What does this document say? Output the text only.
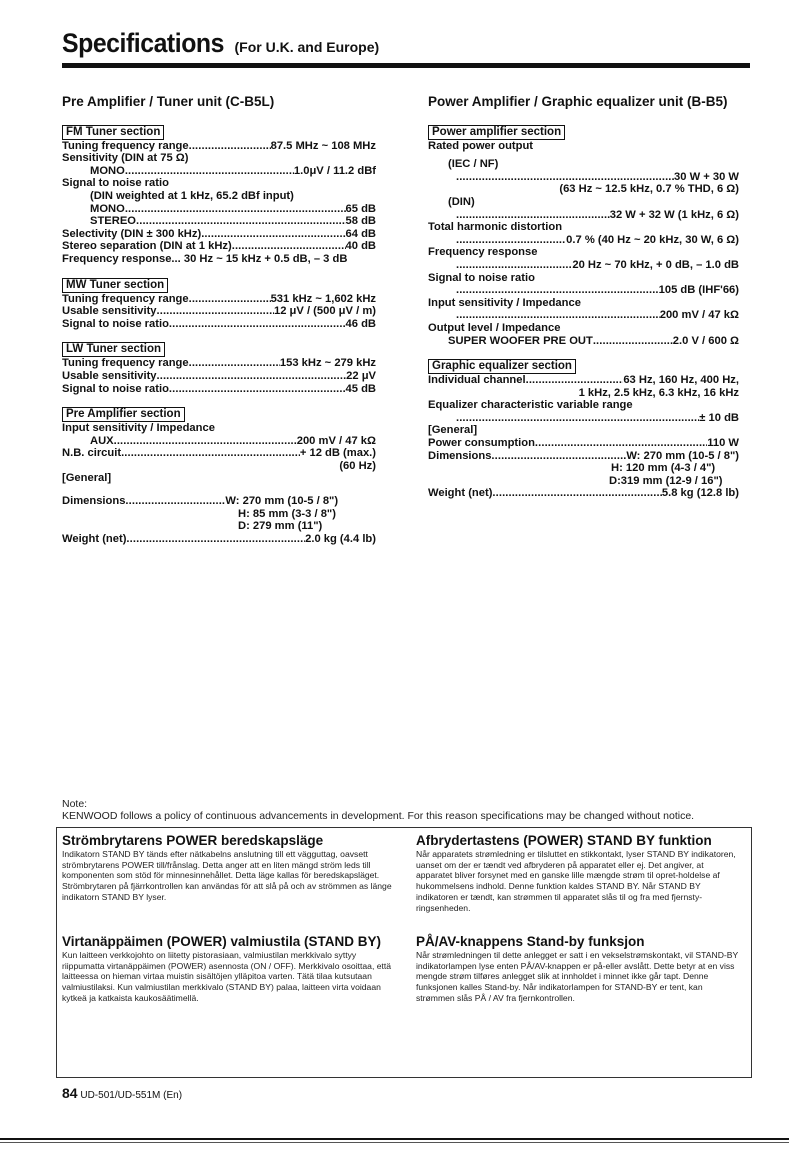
Specifications (For U.K. and Europe)
Pre Amplifier / Tuner unit (C-B5L)
FM Tuner section
Tuning frequency range . . .	87.5 MHz ~ 108 MHz
Sensitivity (DIN at 75 Ω)
MONO . . .	1.0μV / 11.2 dBf
Signal to noise ratio
(DIN weighted at 1 kHz, 65.2 dBf input)
MONO . . .	65 dB
STEREO . . .	58 dB
Selectivity (DIN ± 300 kHz) . . .	64 dB
Stereo separation (DIN at 1 kHz) . . .	40 dB
Frequency response... 30 Hz ~ 15 kHz + 0.5 dB, – 3 dB
MW Tuner section
Tuning frequency range . . .	531 kHz ~ 1,602 kHz
Usable sensitivity . . .	12 μV / (500 μV / m)
Signal to noise ratio . . .	46 dB
LW Tuner section
Tuning frequency range . . .	153 kHz ~ 279 kHz
Usable sensitivity . . .	22 μV
Signal to noise ratio . . .	45 dB
Pre Amplifier section
Input sensitivity / Impedance
AUX . . .	200 mV / 47 kΩ
N.B. circuit . . .	+ 12 dB (max.)
(60 Hz)
[General]
Dimensions . . .	W: 270 mm (10-5 / 8")
H: 85 mm (3-3 / 8")
D: 279 mm (11")
Weight (net) . . .	2.0 kg (4.4 lb)
Power Amplifier / Graphic equalizer unit (B-B5)
Power amplifier section
Rated power output
(IEC / NF)
. . .
30 W + 30 W
(63 Hz ~ 12.5 kHz, 0.7 % THD, 6 Ω)
(DIN)
. . .
32 W + 32 W (1 kHz, 6 Ω)
Total harmonic distortion
. . .
0.7 % (40 Hz ~ 20 kHz, 30 W, 6 Ω)
Frequency response
. . .
20 Hz ~ 70 kHz, + 0 dB, – 1.0 dB
Signal to noise ratio
. . .
105 dB (IHF'66)
Input sensitivity / Impedance
. . .
200 mV / 47 kΩ
Output level / Impedance
SUPER WOOFER PRE OUT . . .	2.0 V / 600 Ω
Graphic equalizer section
Individual channel . . .	63 Hz, 160 Hz, 400 Hz,
1 kHz, 2.5 kHz, 6.3 kHz, 16 kHz
Equalizer characteristic variable range
. . .
± 10 dB
[General]
Power consumption . . .	110 W
Dimensions . . .	W: 270 mm (10-5 / 8")
H: 120 mm (4-3 / 4")
D:319 mm (12-9 / 16")
Weight (net) . . .	5.8 kg (12.8 lb)
Note:
KENWOOD follows a policy of continuous advancements in development. For this reason specifications may be changed without notice.
Strömbrytarens POWER beredskapsläge
Indikatorn STAND BY tänds efter nätkabelns anslutning till ett vägguttag, oavsett strömbrytarens POWER till/frånslag. Detta anger att en liten mängd ström leds till komponenten som stöd för minnesinnehållet. Detta läge kallas för beredskapsläget. Strömbrytaren på fjärrkontrollen kan användas för att slå på och av strömmen as länge indikatorn STAND BY lyser.
Afbrydertastens (POWER) STAND BY funktion
Når apparatets strømledning er tilsluttet en stikkontakt, lyser STAND BY indikatoren, uanset om der er tændt ved afbryderen på apparatet eller ej. Det angiver, at apparatet bliver forsynet med en ganske lille mængde strøm til opret-holdelse af hukommelsens indhold. Denne funktion kaldes STAND BY. Når STAND BY indikatoren er tændt, kan strømmen til apparatet slås til og fra med fjernsty-ringsenheden.
Virtanäppäimen (POWER) valmiustila (STAND BY)
Kun laitteen verkkojohto on liitetty pistorasiaan, valmiustilan merkkivalo syttyy riippumatta virtanäppäimen (POWER) asennosta (ON / OFF). Merkkivalo osoittaa, että laitteessa on hieman virtaa muistin sisältöjen ylläpitoa varten. Tätä tilaa kutsutaan valmiustilaksi. Kun valmiustilan merkkivalo (STAND BY) palaa, laitteen virta voidaan kytkeä ja katkaista kaukosäätimellä.
PÅ/AV-knappens Stand-by funksjon
Når strømledningen til dette anlegget er satt i en vekselstrømskontakt, vil STAND-BY indikatorlampen lyse enten PÅ/AV-knappen er på-eller avslått. Dette betyr at en viss mengde strøm tilføres anlegget slik at innholdet i minnet ikke går tapt. Denne funksjonen kalles Stand-by. Når indikatorlampen for STAND-BY er tent, kan strømmen slås PÅ / AV fra fjernkontrollen.
84 UD-501/UD-551M (En)
